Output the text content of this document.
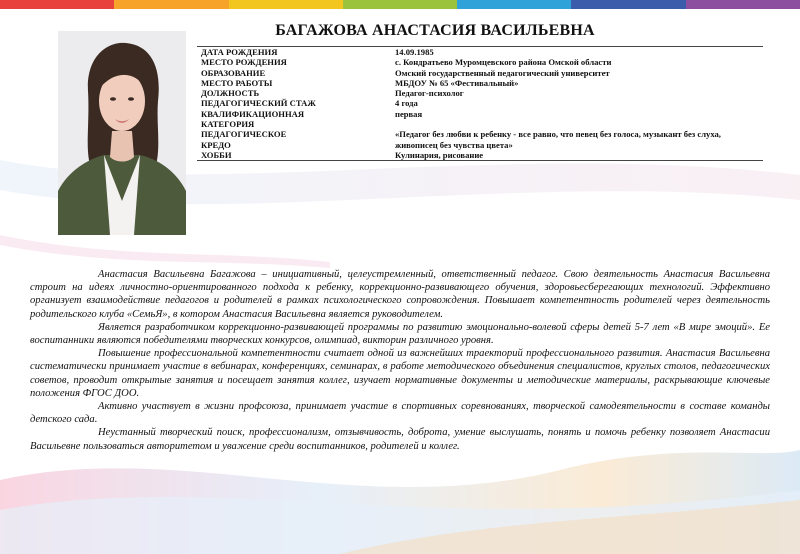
БАГАЖОВА АНАСТАСИЯ ВАСИЛЬЕВНА
ДАТА РОЖДЕНИЯ	14.09.1985
МЕСТО РОЖДЕНИЯ	с. Кондратьево Муромцевского района Омской области
ОБРАЗОВАНИЕ	Омский государственный педагогический университет
МЕСТО РАБОТЫ	МБДОУ № 65 «Фестивальный»
ДОЛЖНОСТЬ	Педагог-психолог
ПЕДАГОГИЧЕСКИЙ СТАЖ	4 года
КВАЛИФИКАЦИОННАЯ	первая
КАТЕГОРИЯ	
ПЕДАГОГИЧЕСКОЕ	«Педагог без любви к ребенку - все равно, что певец без голоса, музыкант без слуха,
КРЕДО	живописец без чувства цвета»
ХОББИ	Кулинария, рисование

Анастасия Васильевна Багажова – инициативный, целеустремленный, ответственный педагог. Свою деятельность Анастасия Васильевна строит на идеях личностно-ориентированного подхода к ребенку, коррекционно-развивающего обучения, здоровьесберегающих технологий. Эффективно организует взаимодействие педагогов и родителей в рамках психологического сопровождения. Повышает компетентность родителей через деятельность родительского клуба «СемьЯ», в котором Анастасия Васильевна является руководителем.

Является разработчиком коррекционно-развивающей программы по развитию эмоционально-волевой сферы детей 5-7 лет «В мире эмоций». Ее воспитанники являются победителями творческих конкурсов, олимпиад, викторин различного уровня.

Повышение профессиональной компетентности считает одной из важнейших траекторий профессионального развития. Анастасия Васильевна систематически принимает участие в вебинарах, конференциях, семинарах, в работе методического объединения специалистов, круглых столов, педагогических советов, проводит открытые занятия и посещает занятия коллег, изучает нормативные документы и методические материалы, раскрывающие ключевые положения ФГОС ДОО.

Активно участвует в жизни профсоюза, принимает участие в спортивных соревнованиях, творческой самодеятельности в составе команды детского сада.

Неустанный творческий поиск, профессионализм, отзывчивость, доброта, умение выслушать, понять и помочь ребенку позволяет Анастасии Васильевне пользоваться авторитетом и уважение среди воспитанников, родителей и коллег.
